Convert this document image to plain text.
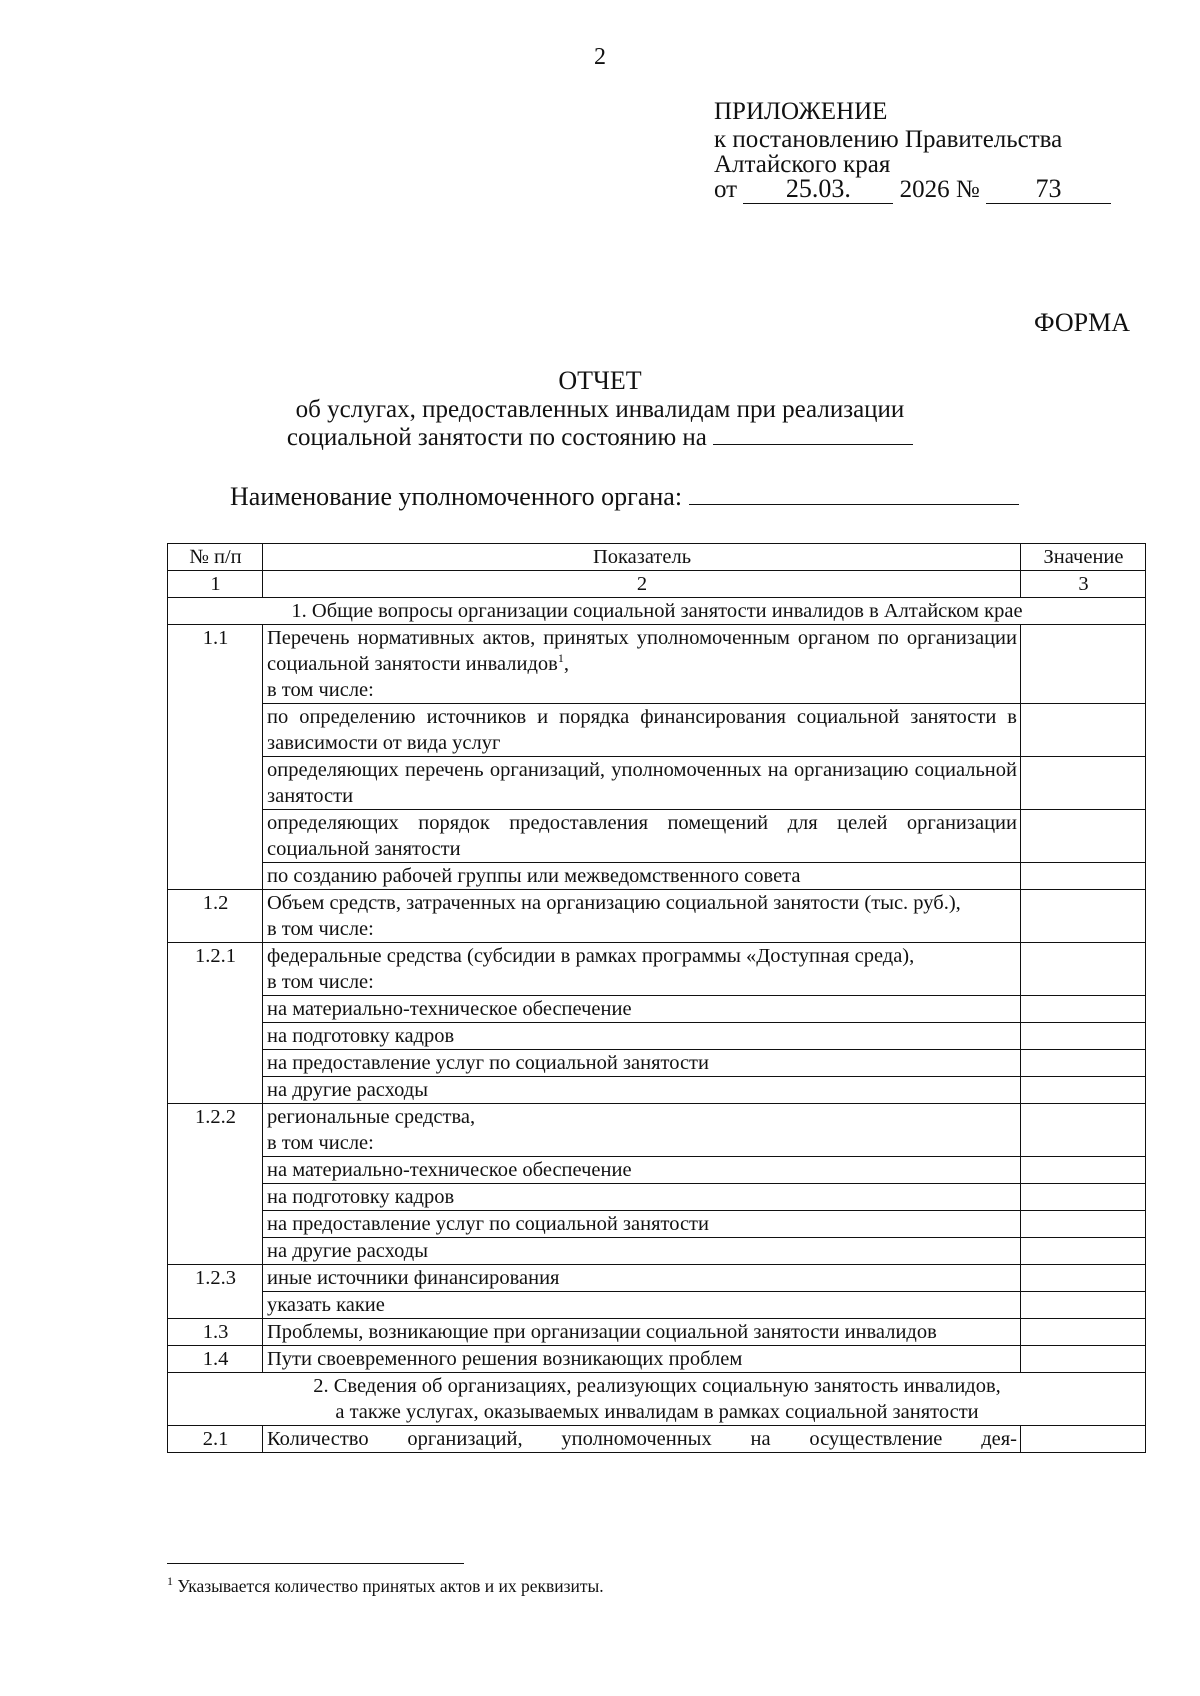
2
ПРИЛОЖЕНИЕ
к постановлению Правительства
Алтайского края
от 25.03. 2026 № 73
ФОРМА
ОТЧЕТ
об услугах, предоставленных инвалидам при реализации
социальной занятости по состоянию на
Наименование уполномоченного органа:
№ п/п	Показатель	Значение
1	2	3
1. Общие вопросы организации социальной занятости инвалидов в Алтайском крае		
1.1	Перечень нормативных актов, принятых уполномоченным органом по организации социальной занятости инвалидов$^1$,
в том числе:	
	по определению источников и порядка финансирования социальной занятости в зависимости от вида услуг	
	определяющих перечень организаций, уполномоченных на организацию социальной занятости	
	определяющих порядок предоставления помещений для целей организации социальной занятости	
	по созданию рабочей группы или межведомственного совета	
1.2	Объем средств, затраченных на организацию социальной занятости (тыс. руб.),
в том числе:	
1.2.1	федеральные средства (субсидии в рамках программы «Доступная среда),
в том числе:	
	на материально-техническое обеспечение	
	на подготовку кадров	
	на предоставление услуг по социальной занятости	
	на другие расходы	
1.2.2	региональные средства,
в том числе:	
	на материально-техническое обеспечение	
	на подготовку кадров	
	на предоставление услуг по социальной занятости	
	на другие расходы	
1.2.3	иные источники финансирования	
	указать какие	
1.3	Проблемы, возникающие при организации социальной занятости инвалидов	
1.4	Пути своевременного решения возникающих проблем	
2. Сведения об организациях, реализующих социальную занятость инвалидов,
а также услугах, оказываемых инвалидам в рамках социальной занятости		
2.1	Количество организаций, уполномоченных на осуществление дея-	
$^1$ Указывается количество принятых актов и их реквизиты.
